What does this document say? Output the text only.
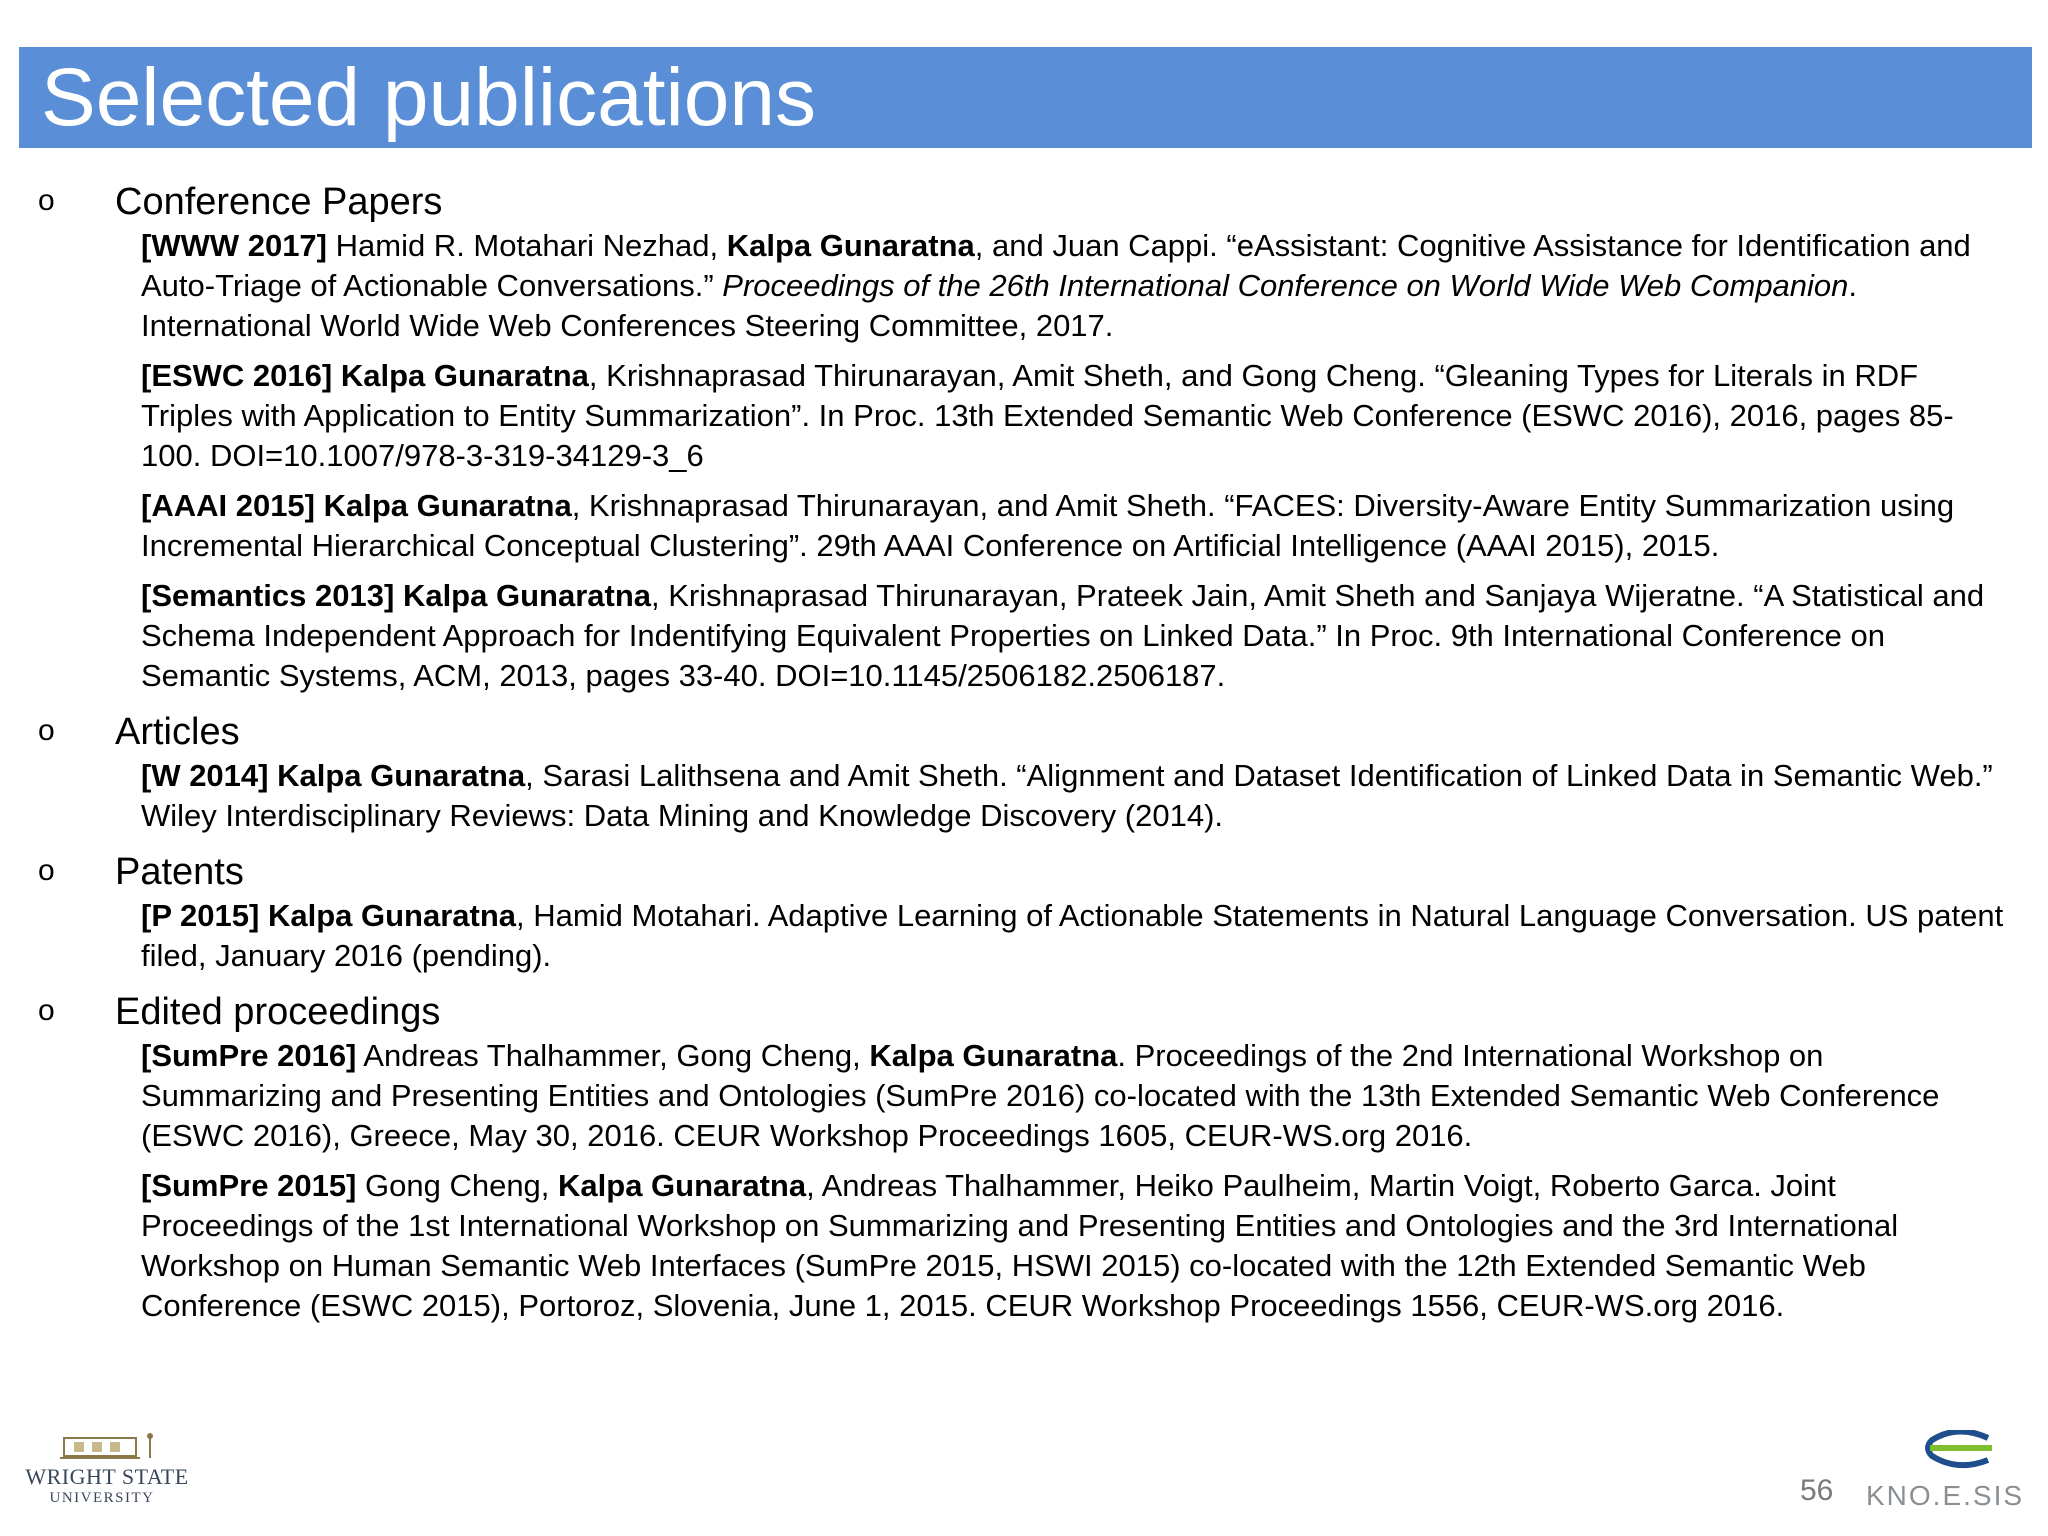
Selected publications
o Conference Papers
[WWW 2017] Hamid R. Motahari Nezhad, Kalpa Gunaratna, and Juan Cappi. “eAssistant: Cognitive Assistance for Identification and Auto-Triage of Actionable Conversations.” Proceedings of the 26th International Conference on World Wide Web Companion. International World Wide Web Conferences Steering Committee, 2017.
[ESWC 2016] Kalpa Gunaratna, Krishnaprasad Thirunarayan, Amit Sheth, and Gong Cheng. “Gleaning Types for Literals in RDF Triples with Application to Entity Summarization”. In Proc. 13th Extended Semantic Web Conference (ESWC 2016), 2016, pages 85-100. DOI=10.1007/978-3-319-34129-3_6
[AAAI 2015] Kalpa Gunaratna, Krishnaprasad Thirunarayan, and Amit Sheth. “FACES: Diversity-Aware Entity Summarization using Incremental Hierarchical Conceptual Clustering”. 29th AAAI Conference on Artificial Intelligence (AAAI 2015), 2015.
[Semantics 2013] Kalpa Gunaratna, Krishnaprasad Thirunarayan, Prateek Jain, Amit Sheth and Sanjaya Wijeratne. “A Statistical and Schema Independent Approach for Indentifying Equivalent Properties on Linked Data.” In Proc. 9th International Conference on Semantic Systems, ACM, 2013, pages 33-40. DOI=10.1145/2506182.2506187.
o Articles
[W 2014] Kalpa Gunaratna, Sarasi Lalithsena and Amit Sheth. “Alignment and Dataset Identification of Linked Data in Semantic Web.” Wiley Interdisciplinary Reviews: Data Mining and Knowledge Discovery (2014).
o Patents
[P 2015] Kalpa Gunaratna, Hamid Motahari. Adaptive Learning of Actionable Statements in Natural Language Conversation. US patent filed, January 2016 (pending).
o Edited proceedings
[SumPre 2016] Andreas Thalhammer, Gong Cheng, Kalpa Gunaratna. Proceedings of the 2nd International Workshop on Summarizing and Presenting Entities and Ontologies (SumPre 2016) co-located with the 13th Extended Semantic Web Conference (ESWC 2016), Greece, May 30, 2016. CEUR Workshop Proceedings 1605, CEUR-WS.org 2016.
[SumPre 2015] Gong Cheng, Kalpa Gunaratna, Andreas Thalhammer, Heiko Paulheim, Martin Voigt, Roberto Garca. Joint Proceedings of the 1st International Workshop on Summarizing and Presenting Entities and Ontologies and the 3rd International Workshop on Human Semantic Web Interfaces (SumPre 2015, HSWI 2015) co-located with the 12th Extended Semantic Web Conference (ESWC 2015), Portoroz, Slovenia, June 1, 2015. CEUR Workshop Proceedings 1556, CEUR-WS.org 2016.
WRIGHT STATE
UNIVERSITY	56 KNO.E.SIS
